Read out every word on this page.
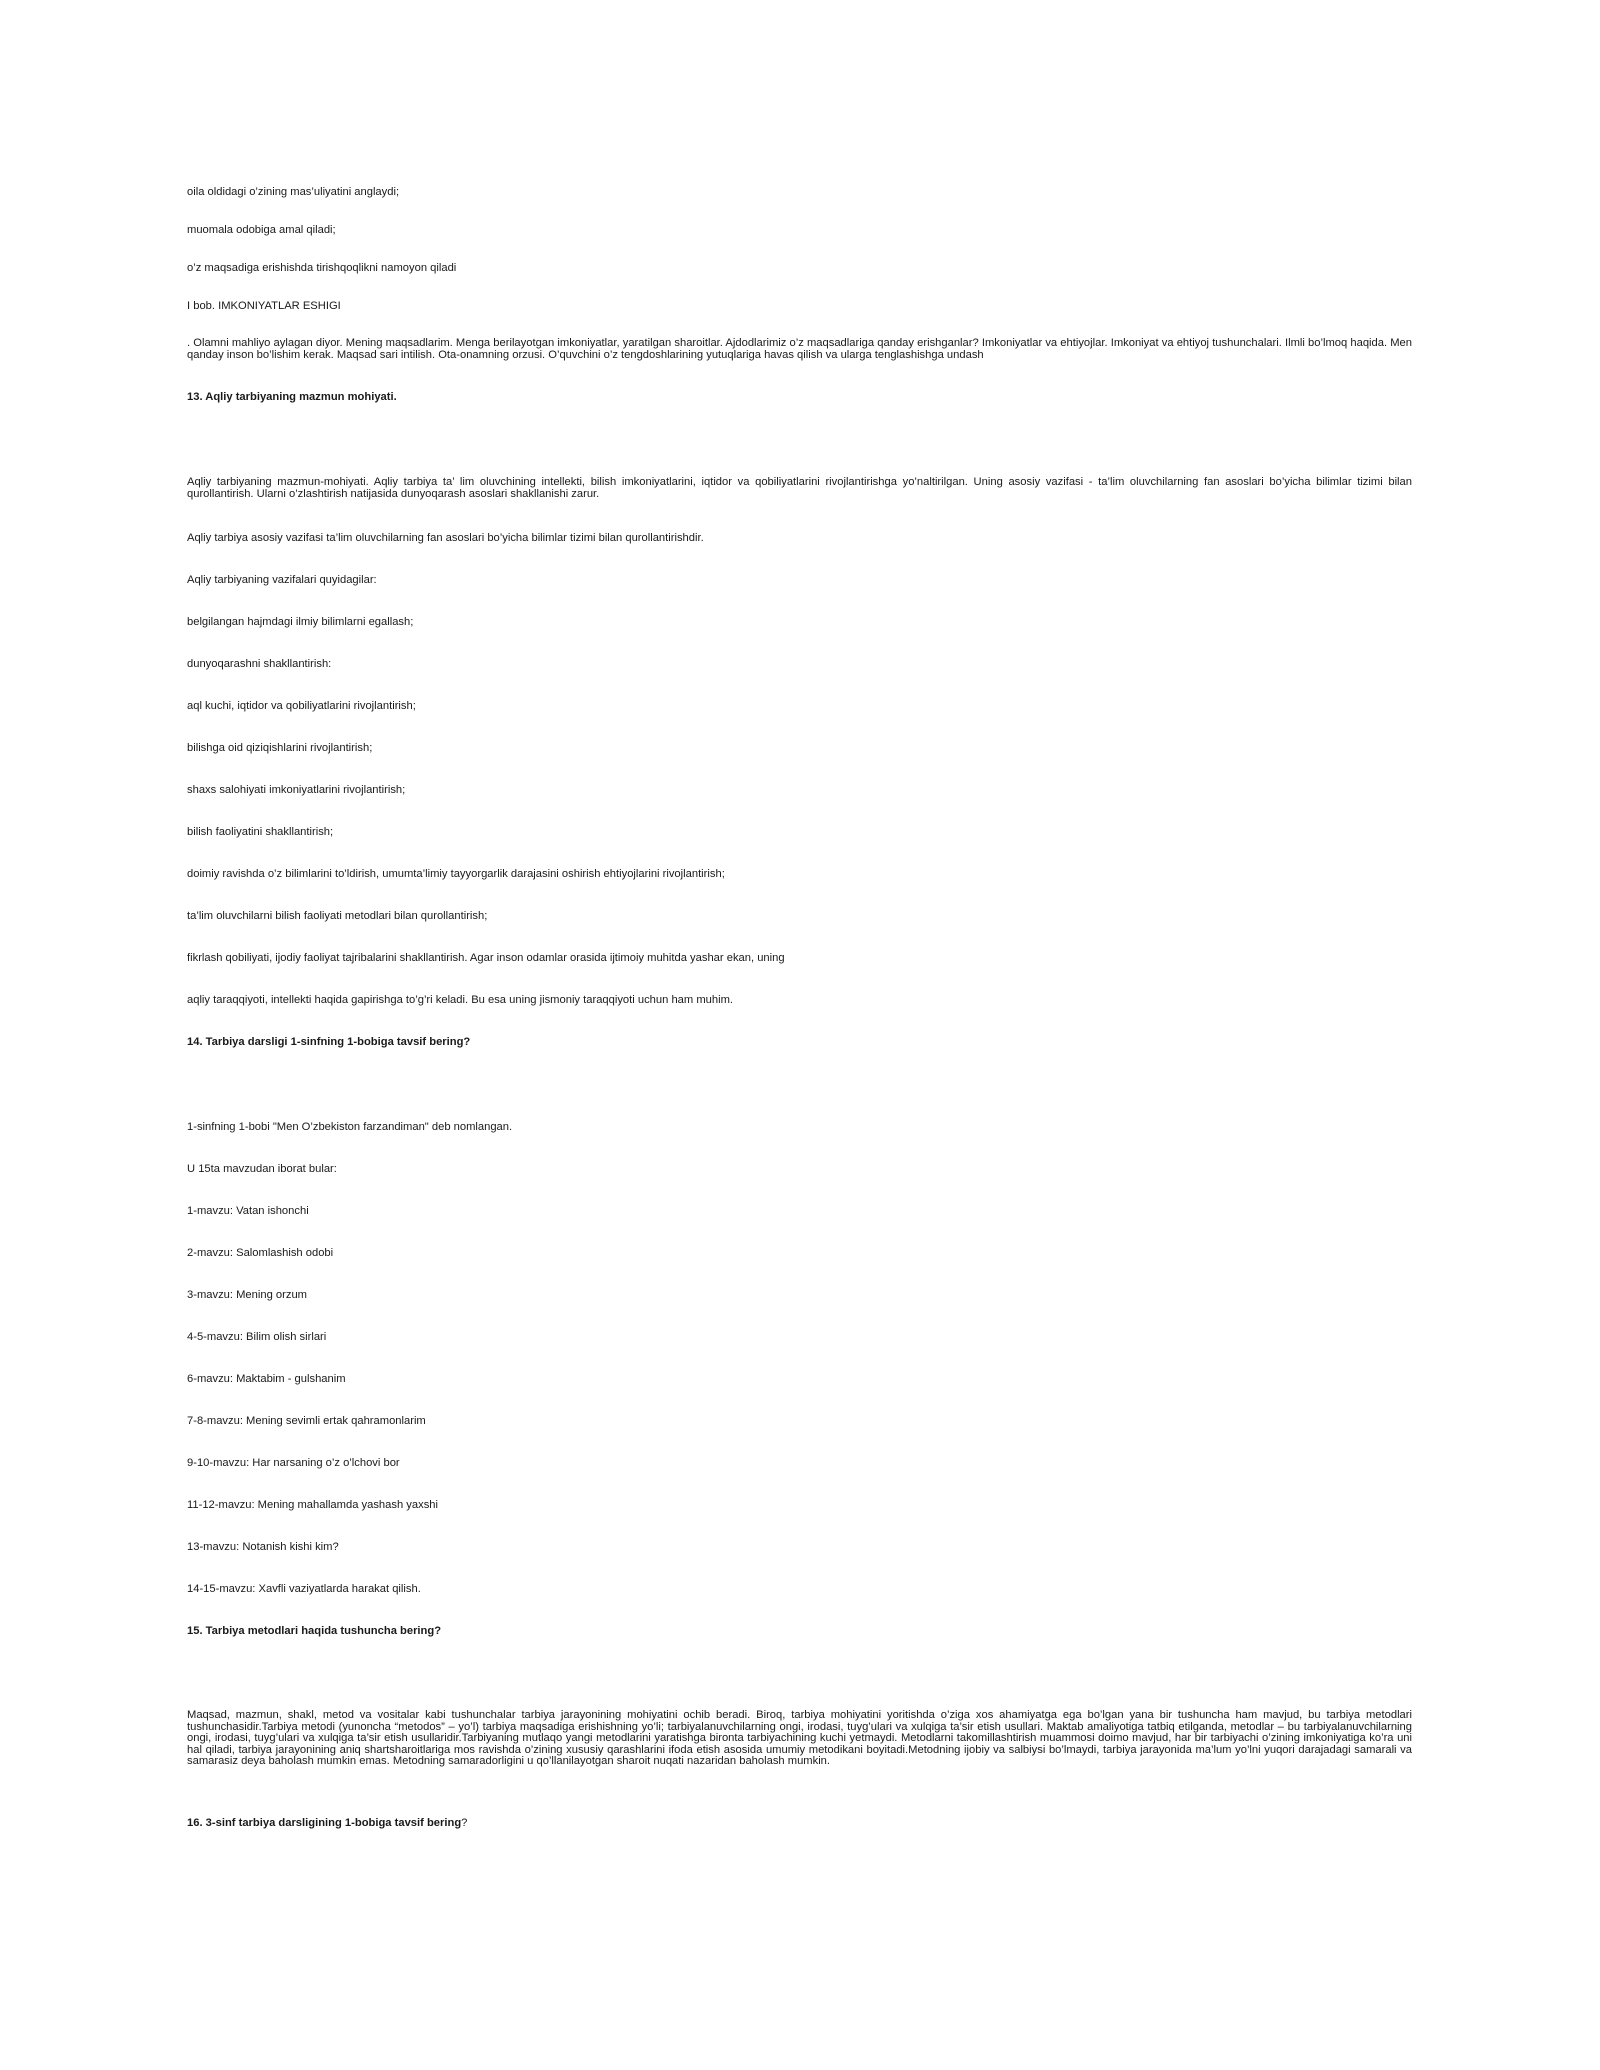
oila oldidagi o’zining mas’uliyatini anglaydi;
muomala odobiga amal qiladi;
o’z maqsadiga erishishda tirishqoqlikni namoyon qiladi
I bob. IMKONIYATLAR ESHIGI
. Olamni mahliyo aylagan diyor. Mening maqsadlarim. Menga berilayotgan imkoniyatlar, yaratilgan sharoitlar. Ajdodlarimiz o’z maqsadlariga qanday erishganlar? Imkoniyatlar va ehtiyojlar. Imkoniyat va ehtiyoj tushunchalari. Ilmli bo’lmoq haqida. Men qanday inson bo’lishim kerak. Maqsad sari intilish. Ota-onamning orzusi. O’quvchini o’z tengdoshlarining yutuqlariga havas qilish va ularga tenglashishga undash
13. Aqliy tarbiyaning mazmun mohiyati.
Aqliy tarbiyaning mazmun-mohiyati. Aqliy tarbiya ta’ lim oluvchining intellekti, bilish imkoniyatlarini, iqtidor va qobiliyatlarini rivojlantirishga yo’naltirilgan. Uning asosiy vazifasi - ta’lim oluvchilarning fan asoslari bo’yicha bilimlar tizimi bilan qurollantirish. Ularni o’zlashtirish natijasida dunyoqarash asoslari shakllanishi zarur.
Aqliy tarbiya asosiy vazifasi ta’lim oluvchilarning fan asoslari bo’yicha bilimlar tizimi bilan qurollantirishdir.
Aqliy tarbiyaning vazifalari quyidagilar:
belgilangan hajmdagi ilmiy bilimlarni egallash;
dunyoqarashni shakllantirish:
aql kuchi, iqtidor va qobiliyatlarini rivojlantirish;
bilishga oid qiziqishlarini rivojlantirish;
shaxs salohiyati imkoniyatlarini rivojlantirish;
bilish faoliyatini shakllantirish;
doimiy ravishda o’z bilimlarini to’ldirish, umumta’limiy tayyorgarlik darajasini oshirish ehtiyojlarini rivojlantirish;
ta’lim oluvchilarni bilish faoliyati metodlari bilan qurollantirish;
fikrlash qobiliyati, ijodiy faoliyat tajribalarini shakllantirish. Agar inson odamlar orasida ijtimoiy muhitda yashar ekan, uning
aqliy taraqqiyoti, intellekti haqida gapirishga to’g’ri keladi. Bu esa uning jismoniy taraqqiyoti uchun ham muhim.
14. Tarbiya darsligi 1-sinfning 1-bobiga tavsif bering?
1-sinfning 1-bobi "Men O’zbekiston farzandiman" deb nomlangan.
U 15ta mavzudan iborat bular:
1-mavzu: Vatan ishonchi
2-mavzu: Salomlashish odobi
3-mavzu: Mening orzum
4-5-mavzu: Bilim olish sirlari
6-mavzu: Maktabim - gulshanim
7-8-mavzu: Mening sevimli ertak qahramonlarim
9-10-mavzu: Har narsaning o’z o’lchovi bor
11-12-mavzu: Mening mahallamda yashash yaxshi
13-mavzu: Notanish kishi kim?
14-15-mavzu: Xavfli vaziyatlarda harakat qilish.
15. Tarbiya metodlari haqida tushuncha bering?
Maqsad, mazmun, shakl, metod va vositalar kabi tushunchalar tarbiya jarayonining mohiyatini ochib beradi. Biroq, tarbiya mohiyatini yoritishda o’ziga xos ahamiyatga ega bo’lgan yana bir tushuncha ham mavjud, bu tarbiya metodlari tushunchasidir.Tarbiya metodi (yunoncha “metodos” – yo’l) tarbiya maqsadiga erishishning yo’li; tarbiyalanuvchilarning ongi, irodasi, tuyg’ulari va xulqiga ta’sir etish usullari. Maktab amaliyotiga tatbiq etilganda, metodlar – bu tarbiyalanuvchilarning ongi, irodasi, tuyg’ulari va xulqiga ta’sir etish usullaridir.Tarbiyaning mutlaqo yangi metodlarini yaratishga bironta tarbiyachining kuchi yetmaydi. Metodlarni takomillashtirish muammosi doimo mavjud, har bir tarbiyachi o’zining imkoniyatiga ko’ra uni hal qiladi, tarbiya jarayonining aniq shartsharoitlariga mos ravishda o’zining xususiy qarashlarini ifoda etish asosida umumiy metodikani boyitadi.Metodning ijobiy va salbiysi bo’lmaydi, tarbiya jarayonida ma’lum yo’lni yuqori darajadagi samarali va samarasiz deya baholash mumkin emas. Metodning samaradorligini u qo’llanilayotgan sharoit nuqati nazaridan baholash mumkin.
16. 3-sinf tarbiya darsligining 1-bobiga tavsif bering?
